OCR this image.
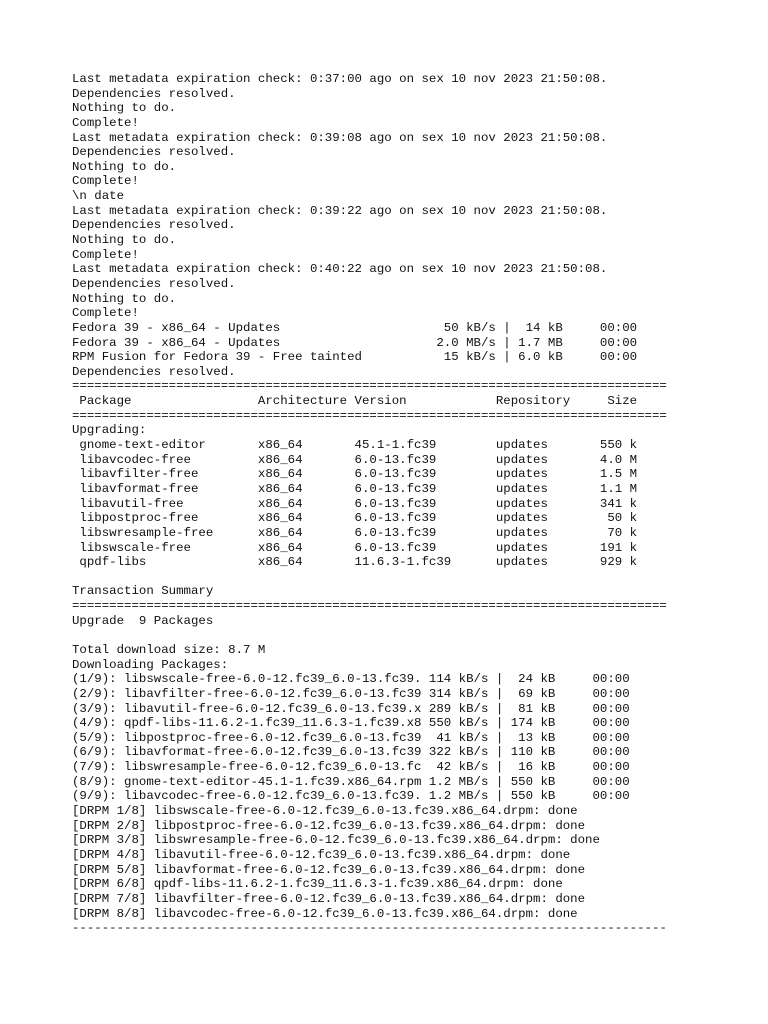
Last metadata expiration check: 0:37:00 ago on sex 10 nov 2023 21:50:08.
Dependencies resolved.
Nothing to do.
Complete!
Last metadata expiration check: 0:39:08 ago on sex 10 nov 2023 21:50:08.
Dependencies resolved.
Nothing to do.
Complete!
\n date
Last metadata expiration check: 0:39:22 ago on sex 10 nov 2023 21:50:08.
Dependencies resolved.
Nothing to do.
Complete!
Last metadata expiration check: 0:40:22 ago on sex 10 nov 2023 21:50:08.
Dependencies resolved.
Nothing to do.
Complete!
Fedora 39 - x86_64 - Updates                      50 kB/s |  14 kB     00:00
Fedora 39 - x86_64 - Updates                     2.0 MB/s | 1.7 MB     00:00
RPM Fusion for Fedora 39 - Free tainted           15 kB/s | 6.0 kB     00:00
Dependencies resolved.
================================================================================
Package                 Architecture Version            Repository     Size
================================================================================
Upgrading:
gnome-text-editor       x86_64       45.1-1.fc39        updates       550 k
libavcodec-free         x86_64       6.0-13.fc39        updates       4.0 M
libavfilter-free        x86_64       6.0-13.fc39        updates       1.5 M
libavformat-free        x86_64       6.0-13.fc39        updates       1.1 M
libavutil-free          x86_64       6.0-13.fc39        updates       341 k
libpostproc-free        x86_64       6.0-13.fc39        updates        50 k
libswresample-free      x86_64       6.0-13.fc39        updates        70 k
libswscale-free         x86_64       6.0-13.fc39        updates       191 k
qpdf-libs               x86_64       11.6.3-1.fc39      updates       929 k
Transaction Summary
================================================================================
Upgrade  9 Packages
Total download size: 8.7 M
Downloading Packages:
(1/9): libswscale-free-6.0-12.fc39_6.0-13.fc39. 114 kB/s |  24 kB     00:00
(2/9): libavfilter-free-6.0-12.fc39_6.0-13.fc39 314 kB/s |  69 kB     00:00
(3/9): libavutil-free-6.0-12.fc39_6.0-13.fc39.x 289 kB/s |  81 kB     00:00
(4/9): qpdf-libs-11.6.2-1.fc39_11.6.3-1.fc39.x8 550 kB/s | 174 kB     00:00
(5/9): libpostproc-free-6.0-12.fc39_6.0-13.fc39  41 kB/s |  13 kB     00:00
(6/9): libavformat-free-6.0-12.fc39_6.0-13.fc39 322 kB/s | 110 kB     00:00
(7/9): libswresample-free-6.0-12.fc39_6.0-13.fc  42 kB/s |  16 kB     00:00
(8/9): gnome-text-editor-45.1-1.fc39.x86_64.rpm 1.2 MB/s | 550 kB     00:00
(9/9): libavcodec-free-6.0-12.fc39_6.0-13.fc39. 1.2 MB/s | 550 kB     00:00
[DRPM 1/8] libswscale-free-6.0-12.fc39_6.0-13.fc39.x86_64.drpm: done
[DRPM 2/8] libpostproc-free-6.0-12.fc39_6.0-13.fc39.x86_64.drpm: done
[DRPM 3/8] libswresample-free-6.0-12.fc39_6.0-13.fc39.x86_64.drpm: done
[DRPM 4/8] libavutil-free-6.0-12.fc39_6.0-13.fc39.x86_64.drpm: done
[DRPM 5/8] libavformat-free-6.0-12.fc39_6.0-13.fc39.x86_64.drpm: done
[DRPM 6/8] qpdf-libs-11.6.2-1.fc39_11.6.3-1.fc39.x86_64.drpm: done
[DRPM 7/8] libavfilter-free-6.0-12.fc39_6.0-13.fc39.x86_64.drpm: done
[DRPM 8/8] libavcodec-free-6.0-12.fc39_6.0-13.fc39.x86_64.drpm: done
--------------------------------------------------------------------------------
